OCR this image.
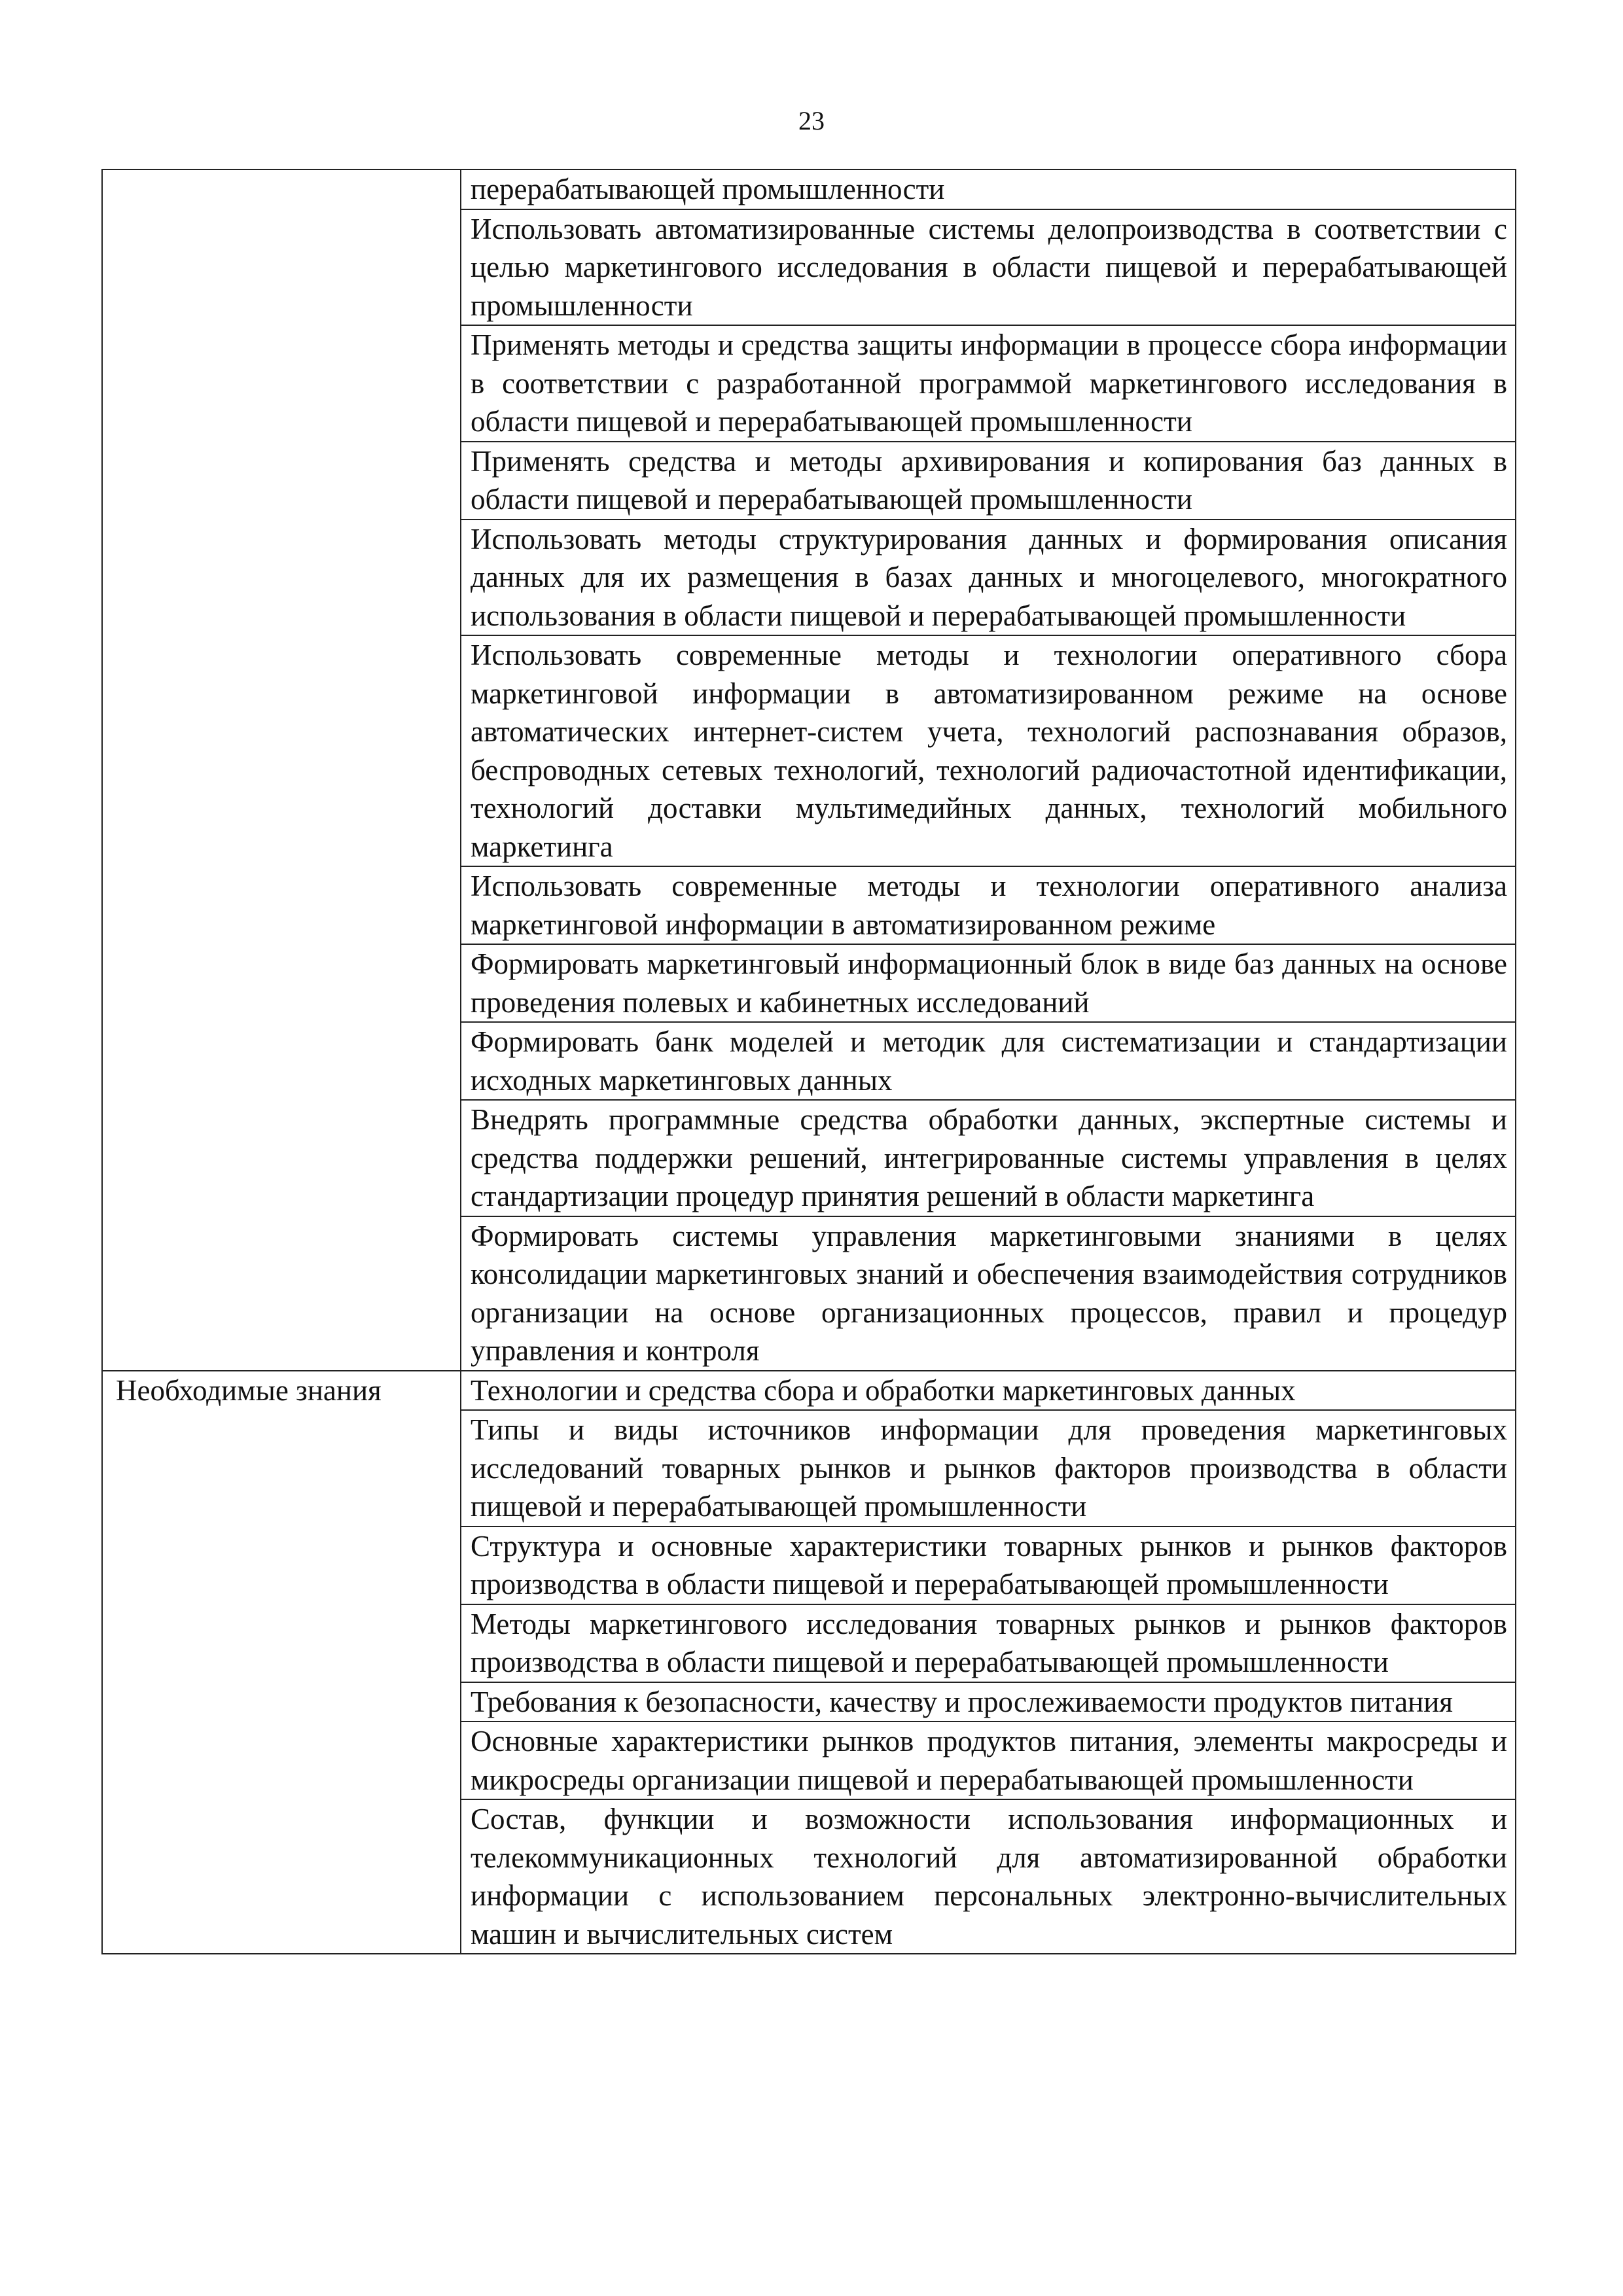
23
	перерабатывающей промышленности
	Использовать автоматизированные системы делопроизводства в соответствии с целью маркетингового исследования в области пищевой и перерабатывающей промышленности
	Применять методы и средства защиты информации в процессе сбора информации в соответствии с разработанной программой маркетингового исследования в области пищевой и перерабатывающей промышленности
	Применять средства и методы архивирования и копирования баз данных в области пищевой и перерабатывающей промышленности
	Использовать методы структурирования данных и формирования описания данных для их размещения в базах данных и многоцелевого, многократного использования в области пищевой и перерабатывающей промышленности
	Использовать современные методы и технологии оперативного сбора маркетинговой информации в автоматизированном режиме на основе автоматических интернет-систем учета, технологий распознавания образов, беспроводных сетевых технологий, технологий радиочастотной идентификации, технологий доставки мультимедийных данных, технологий мобильного маркетинга
	Использовать современные методы и технологии оперативного анализа маркетинговой информации в автоматизированном режиме
	Формировать маркетинговый информационный блок в виде баз данных на основе проведения полевых и кабинетных исследований
	Формировать банк моделей и методик для систематизации и стандартизации исходных маркетинговых данных
	Внедрять программные средства обработки данных, экспертные системы и средства поддержки решений, интегрированные системы управления в целях стандартизации процедур принятия решений в области маркетинга
	Формировать системы управления маркетинговыми знаниями в целях консолидации маркетинговых знаний и обеспечения взаимодействия сотрудников организации на основе организационных процессов, правил и процедур управления и контроля
Необходимые знания	Технологии и средства сбора и обработки маркетинговых данных
	Типы и виды источников информации для проведения маркетинговых исследований товарных рынков и рынков факторов производства в области пищевой и перерабатывающей промышленности
	Структура и основные характеристики товарных рынков и рынков факторов производства в области пищевой и перерабатывающей промышленности
	Методы маркетингового исследования товарных рынков и рынков факторов производства в области пищевой и перерабатывающей промышленности
	Требования к безопасности, качеству и прослеживаемости продуктов питания
	Основные характеристики рынков продуктов питания, элементы макросреды и микросреды организации пищевой и перерабатывающей промышленности
	Состав, функции и возможности использования информационных и телекоммуникационных технологий для автоматизированной обработки информации с использованием персональных электронно-вычислительных машин и вычислительных систем
